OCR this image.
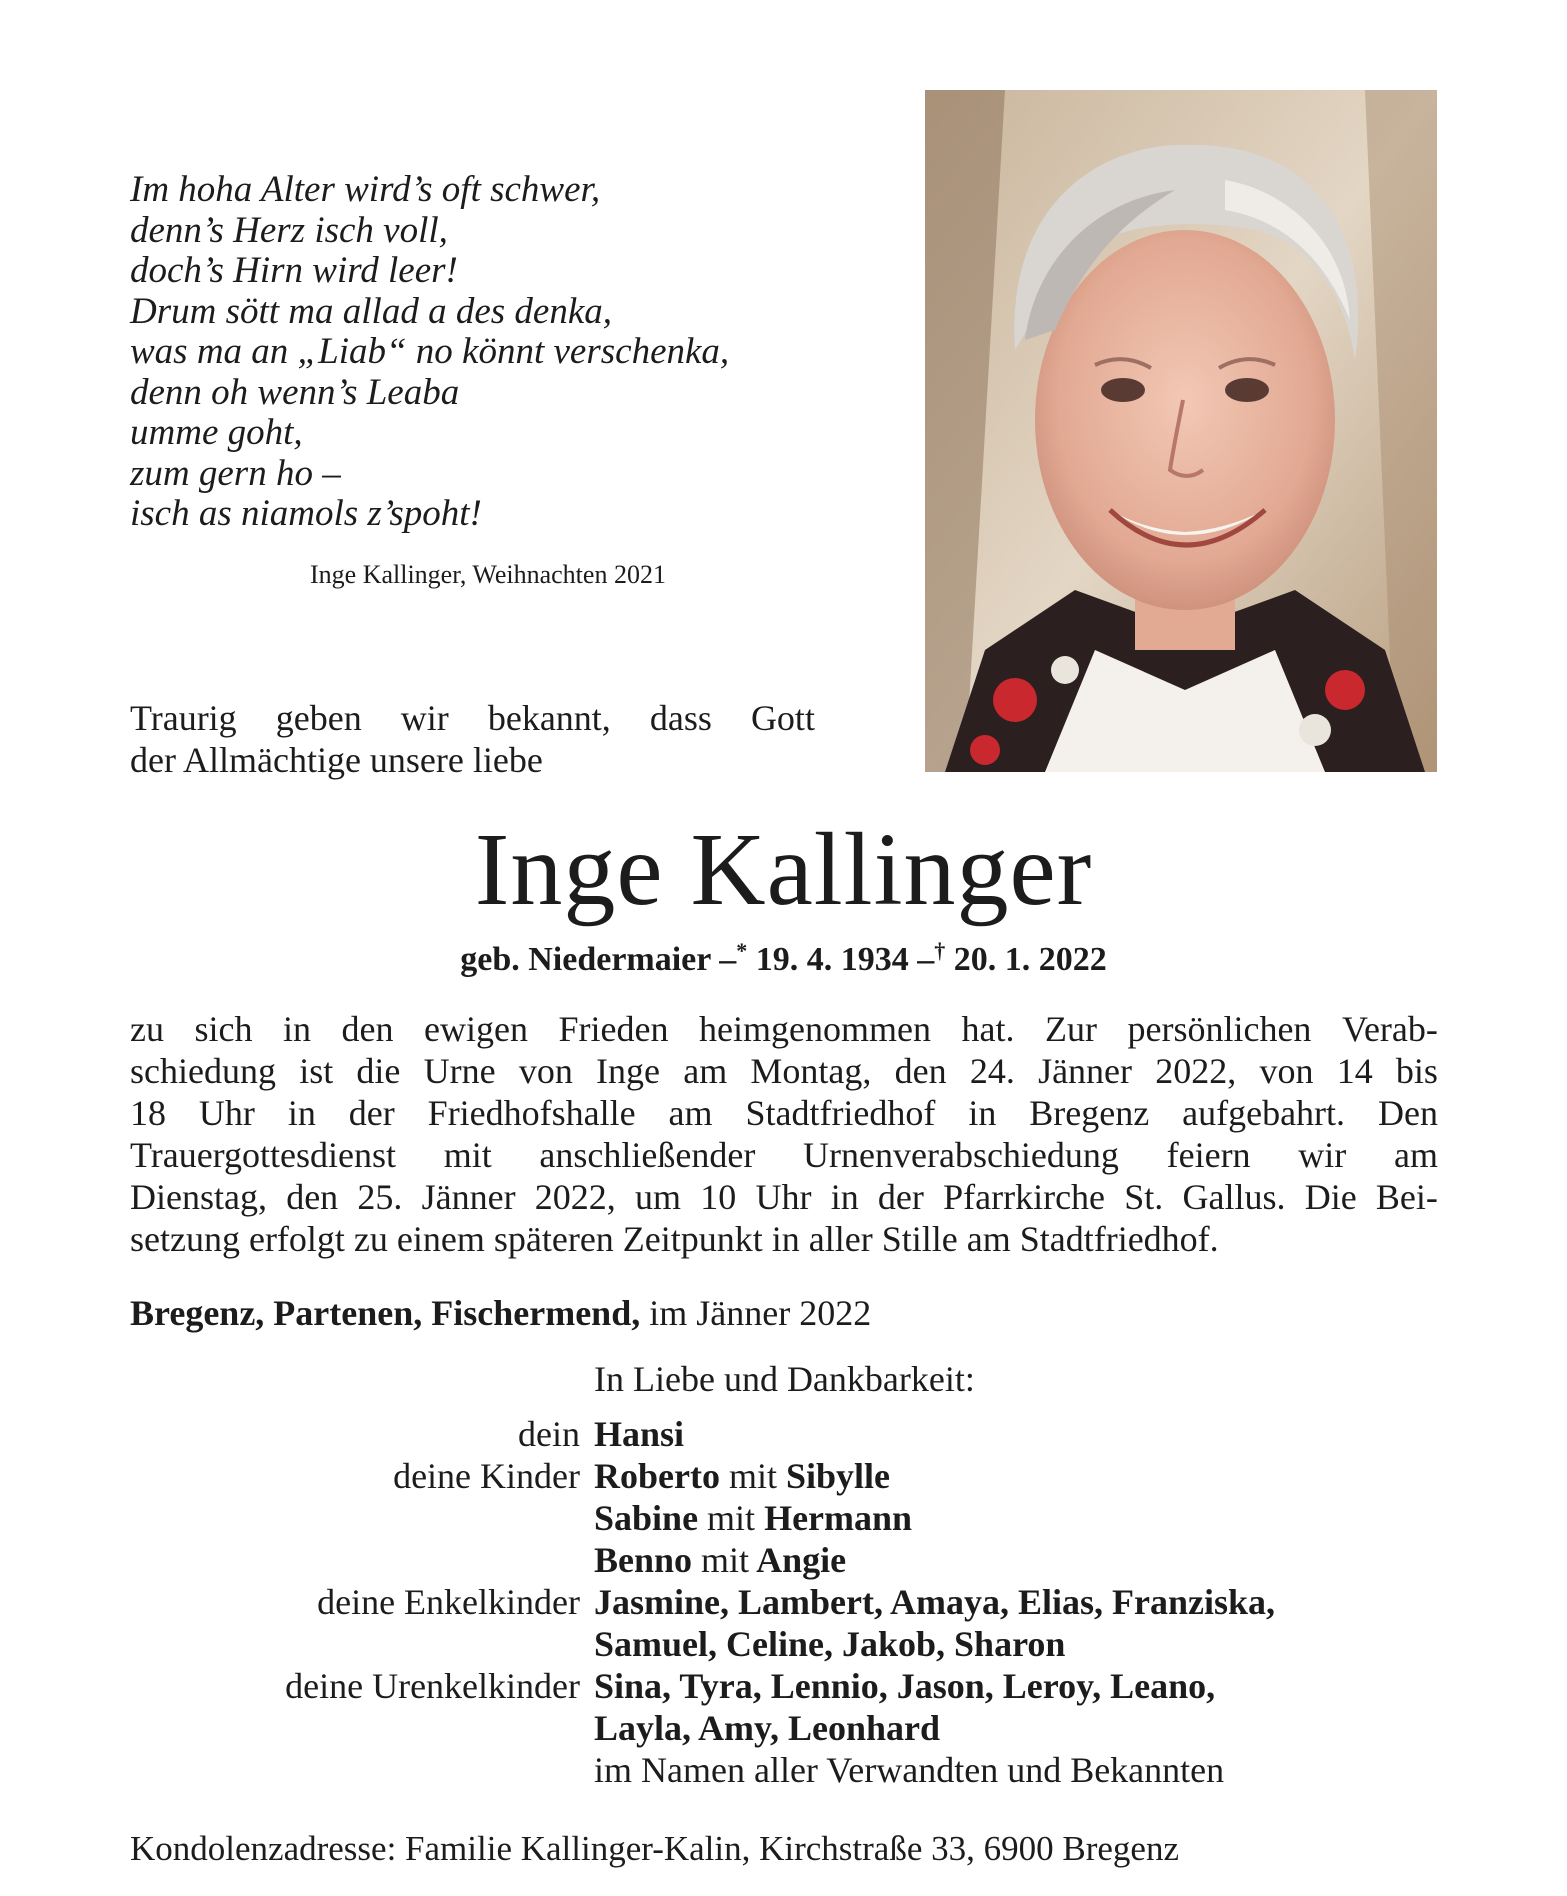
Im hoha Alter wird’s oft schwer,
denn’s Herz isch voll,
doch’s Hirn wird leer!
Drum sött ma allad a des denka,
was ma an „Liab“ no könnt verschenka,
denn oh wenn’s Leaba
umme goht,
zum gern ho –
isch as niamols z’spoht!
Inge Kallinger, Weihnachten 2021
Traurig geben wir bekannt, dass Gott
der Allmächtige unsere liebe
Inge Kallinger
geb. Niedermaier –* 19. 4. 1934 –† 20. 1. 2022
zu sich in den ewigen Frieden heimgenommen hat. Zur persönlichen Verab-
schiedung ist die Urne von Inge am Montag, den 24. Jänner 2022, von 14 bis
18 Uhr in der Friedhofshalle am Stadtfriedhof in Bregenz aufgebahrt. Den
Trauergottesdienst mit anschließender Urnenverabschiedung feiern wir am
Dienstag, den 25. Jänner 2022, um 10 Uhr in der Pfarrkirche St. Gallus. Die Bei-
setzung erfolgt zu einem späteren Zeitpunkt in aller Stille am Stadtfriedhof.
Bregenz, Partenen, Fischermend, im Jänner 2022
In Liebe und Dankbarkeit:
dein Hansi
deine Kinder Roberto mit Sibylle
Sabine mit Hermann
Benno mit Angie
deine Enkelkinder Jasmine, Lambert, Amaya, Elias, Franziska,
Samuel, Celine, Jakob, Sharon
deine Urenkelkinder Sina, Tyra, Lennio, Jason, Leroy, Leano,
Layla, Amy, Leonhard
im Namen aller Verwandten und Bekannten
Kondolenzadresse: Familie Kallinger-Kalin, Kirchstraße 33, 6900 Bregenz
